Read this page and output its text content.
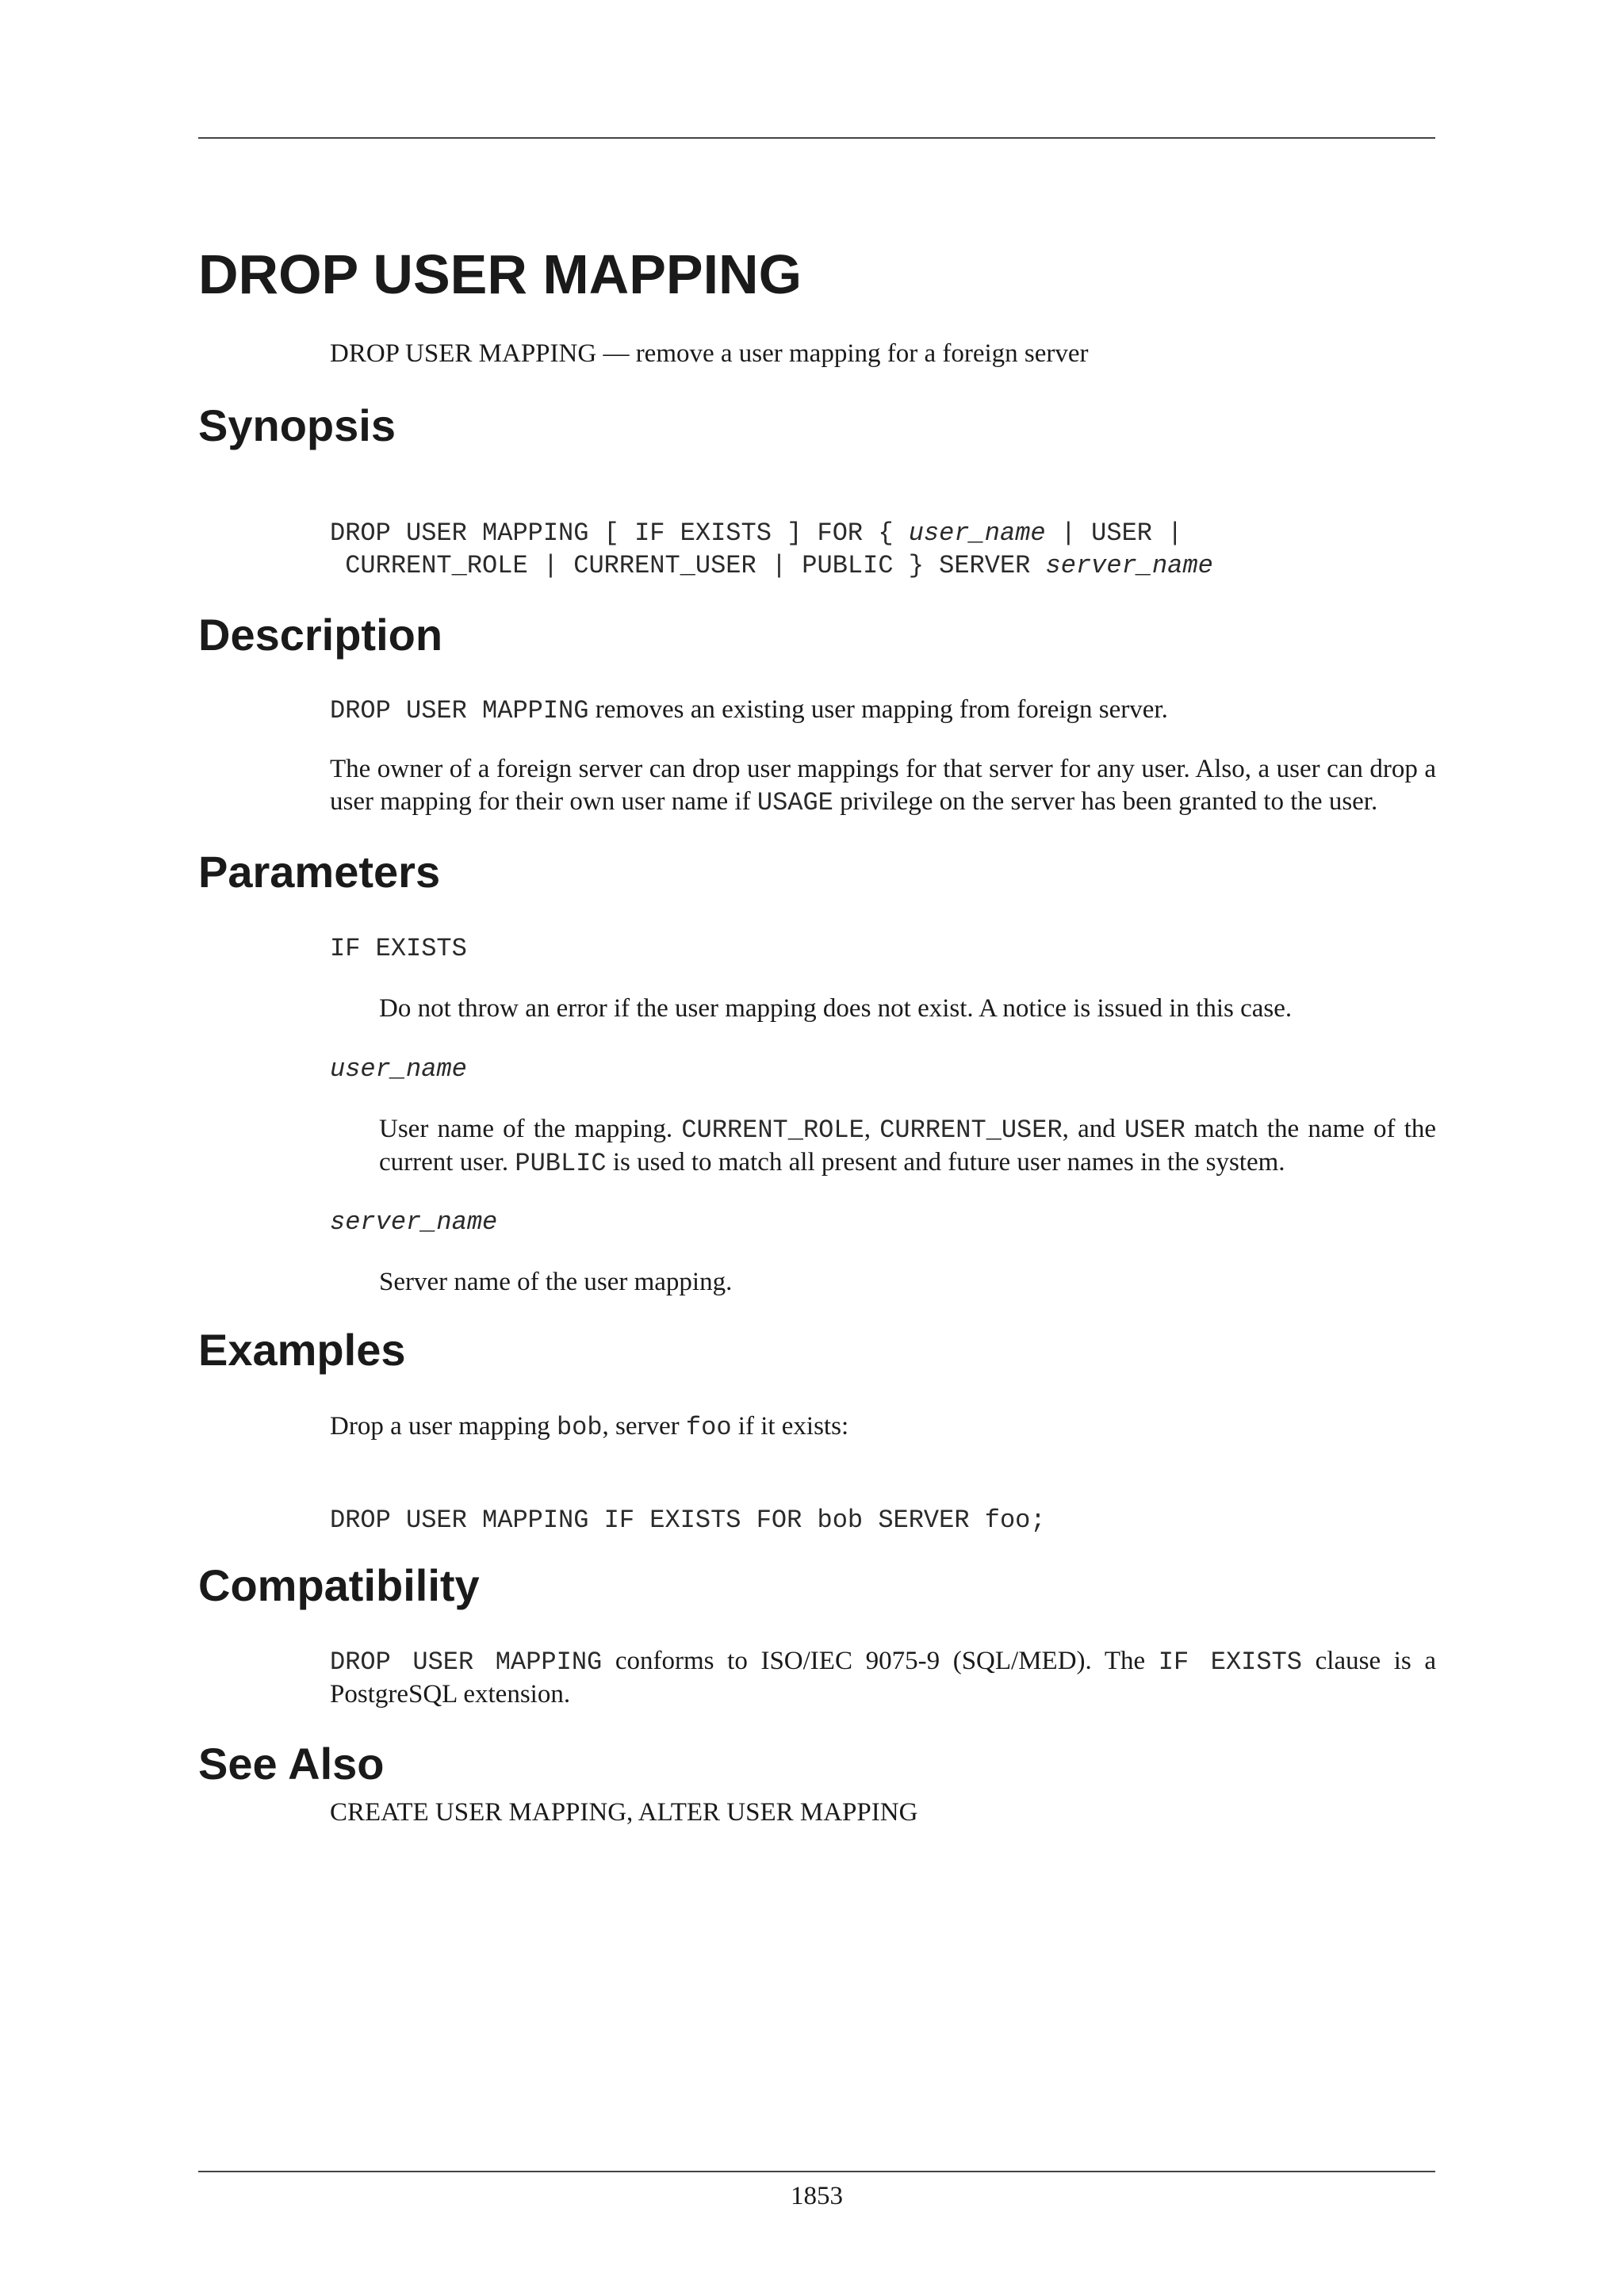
DROP USER MAPPING

DROP USER MAPPING — remove a user mapping for a foreign server

Synopsis
DROP USER MAPPING [ IF EXISTS ] FOR { user_name | USER |
CURRENT_ROLE | CURRENT_USER | PUBLIC } SERVER server_name
Description

DROP USER MAPPING removes an existing user mapping from foreign server.

The owner of a foreign server can drop user mappings for that server for any user. Also, a user can drop a user mapping for their own user name if USAGE privilege on the server has been granted to the user.

Parameters
IF EXISTS

Do not throw an error if the user mapping does not exist. A notice is issued in this case.

user_name

User name of the mapping. CURRENT_ROLE, CURRENT_USER, and USER match the name of the current user. PUBLIC is used to match all present and future user names in the system.

server_name

Server name of the user mapping.

Examples

Drop a user mapping bob, server foo if it exists:

DROP USER MAPPING IF EXISTS FOR bob SERVER foo;
Compatibility

DROP USER MAPPING conforms to ISO/IEC 9075-9 (SQL/MED). The IF EXISTS clause is a PostgreSQL extension.

See Also

CREATE USER MAPPING, ALTER USER MAPPING

1853
